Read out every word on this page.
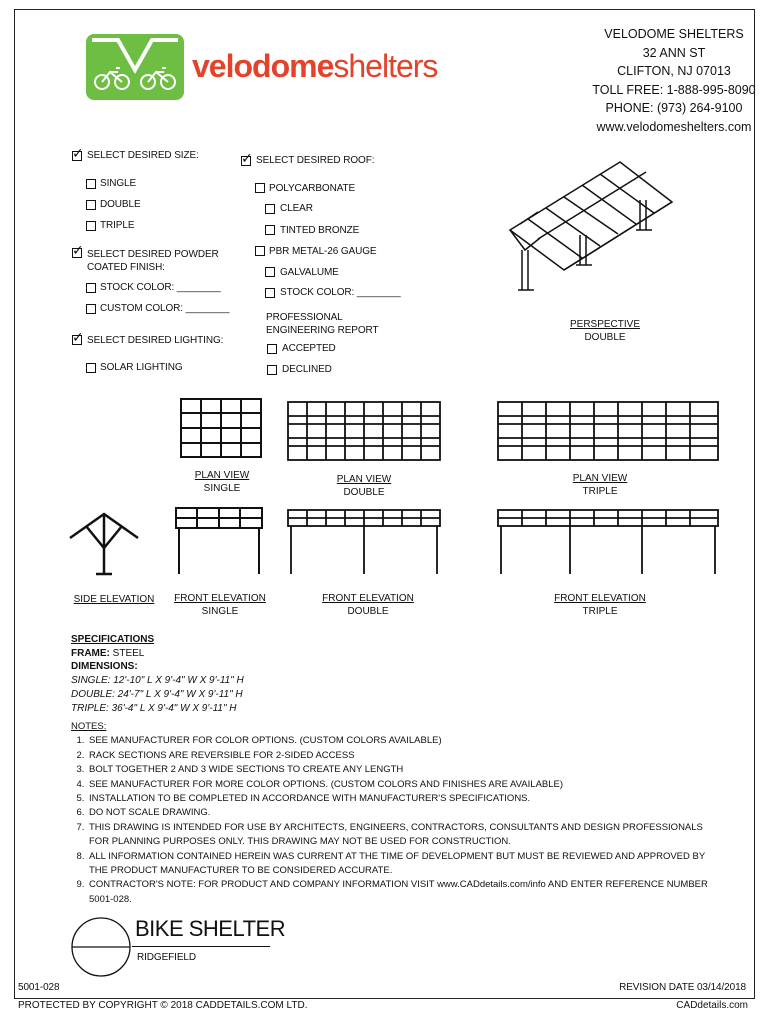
velodomeshelters
VELODOME SHELTERS
32 ANN ST
CLIFTON, NJ 07013
TOLL FREE: 1-888-995-8090
PHONE: (973) 264-9100
www.velodomeshelters.com
✓
SELECT DESIRED SIZE:
SINGLE
DOUBLE
TRIPLE
✓
SELECT DESIRED POWDER
COATED FINISH:
STOCK COLOR: ________
CUSTOM COLOR: ________
✓
SELECT DESIRED LIGHTING:
SOLAR LIGHTING
✓
SELECT DESIRED ROOF:
POLYCARBONATE
CLEAR
TINTED BRONZE
PBR METAL-26 GAUGE
GALVALUME
STOCK COLOR: ________
PROFESSIONAL
ENGINEERING REPORT
ACCEPTED
DECLINED
PERSPECTIVE
DOUBLE
PLAN VIEW
SINGLE
PLAN VIEW
DOUBLE
PLAN VIEW
TRIPLE
SIDE ELEVATION	FRONT ELEVATION
SINGLE
FRONT ELEVATION
DOUBLE
FRONT ELEVATION
TRIPLE
SPECIFICATIONS
FRAME: STEEL
DIMENSIONS:
SINGLE: 12'-10" L X 9'-4" W X 9'-11" H
DOUBLE: 24'-7" L X 9'-4" W X 9'-11" H
TRIPLE: 36'-4" L X 9'-4" W X 9'-11" H
NOTES:
1. SEE MANUFACTURER FOR COLOR OPTIONS. (CUSTOM COLORS AVAILABLE)
2. RACK SECTIONS ARE REVERSIBLE FOR 2-SIDED ACCESS
3. BOLT TOGETHER 2 AND 3 WIDE SECTIONS TO CREATE ANY LENGTH
4. SEE MANUFACTURER FOR MORE COLOR OPTIONS. (CUSTOM COLORS AND FINISHES ARE AVAILABLE)
5. INSTALLATION TO BE COMPLETED IN ACCORDANCE WITH MANUFACTURER'S SPECIFICATIONS.
6. DO NOT SCALE DRAWING.
7. THIS DRAWING IS INTENDED FOR USE BY ARCHITECTS, ENGINEERS, CONTRACTORS, CONSULTANTS AND DESIGN PROFESSIONALS FOR PLANNING PURPOSES ONLY. THIS DRAWING MAY NOT BE USED FOR CONSTRUCTION.
8. ALL INFORMATION CONTAINED HEREIN WAS CURRENT AT THE TIME OF DEVELOPMENT BUT MUST BE REVIEWED AND APPROVED BY THE PRODUCT MANUFACTURER TO BE CONSIDERED ACCURATE.
9. CONTRACTOR'S NOTE: FOR PRODUCT AND COMPANY INFORMATION VISIT www.CADdetails.com/info AND ENTER REFERENCE NUMBER 5001-028.
BIKE SHELTER
RIDGEFIELD
5001-028	REVISION DATE 03/14/2018
PROTECTED BY COPYRIGHT © 2018 CADDETAILS.COM LTD.	CADdetails.com
